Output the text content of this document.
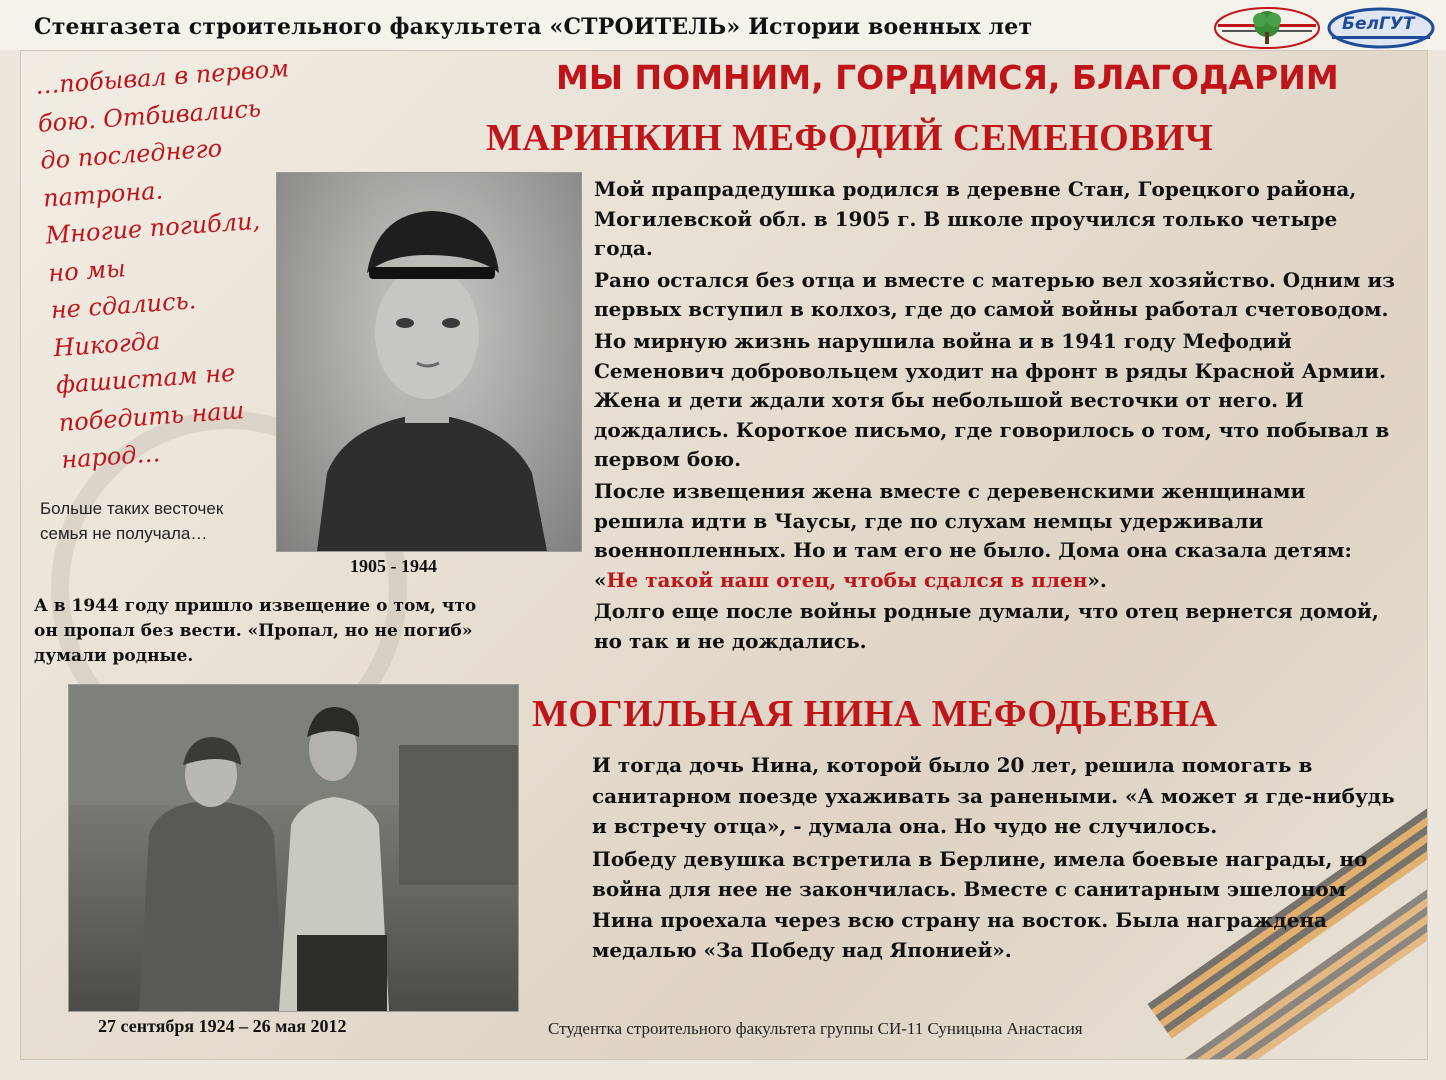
Стенгазета строительного факультета «СТРОИТЕЛЬ» Истории военных лет	БелГУТ
МЫ ПОМНИМ, ГОРДИМСЯ, БЛАГОДАРИМ
…побывал в первом
бою. Отбивались
до последнего
патрона.
Многие погибли,
но мы
не сдались.
Никогда
фашистам не
победить наш
народ…
Больше таких весточек семья не получала…
1905 - 1944
А в 1944 году пришло извещение о том, что он пропал без вести. «Пропал, но не погиб» думали родные.
МАРИНКИН МЕФОДИЙ СЕМЕНОВИЧ

Мой прапрадедушка родился в деревне Стан, Горецкого района, Могилевской обл. в 1905 г. В школе проучился только четыре года.

Рано остался без отца и вместе с матерью вел хозяйство. Одним из первых вступил в колхоз, где до самой войны работал счетоводом.

Но мирную жизнь нарушила война и в 1941 году Мефодий Семенович добровольцем уходит на фронт в ряды Красной Армии. Жена и дети ждали хотя бы небольшой весточки от него. И дождались. Короткое письмо, где говорилось о том, что побывал в первом бою.

После извещения жена вместе с деревенскими женщинами решила идти в Чаусы, где по слухам немцы удерживали военнопленных. Но и там его не было. Дома она сказала детям: «Не такой наш отец, чтобы сдался в плен».

Долго еще после войны родные думали, что отец вернется домой, но так и не дождались.

27 сентября 1924 – 26 мая 2012
МОГИЛЬНАЯ НИНА МЕФОДЬЕВНА

И тогда дочь Нина, которой было 20 лет, решила помогать в санитарном поезде ухаживать за ранеными. «А может я где-нибудь и встречу отца», - думала она. Но чудо не случилось.

Победу девушка встретила в Берлине, имела боевые награды, но война для нее не закончилась. Вместе с санитарным эшелоном Нина проехала через всю страну на восток. Была награждена медалью «За Победу над Японией».

Студентка строительного факультета группы СИ-11 Суницына Анастасия
